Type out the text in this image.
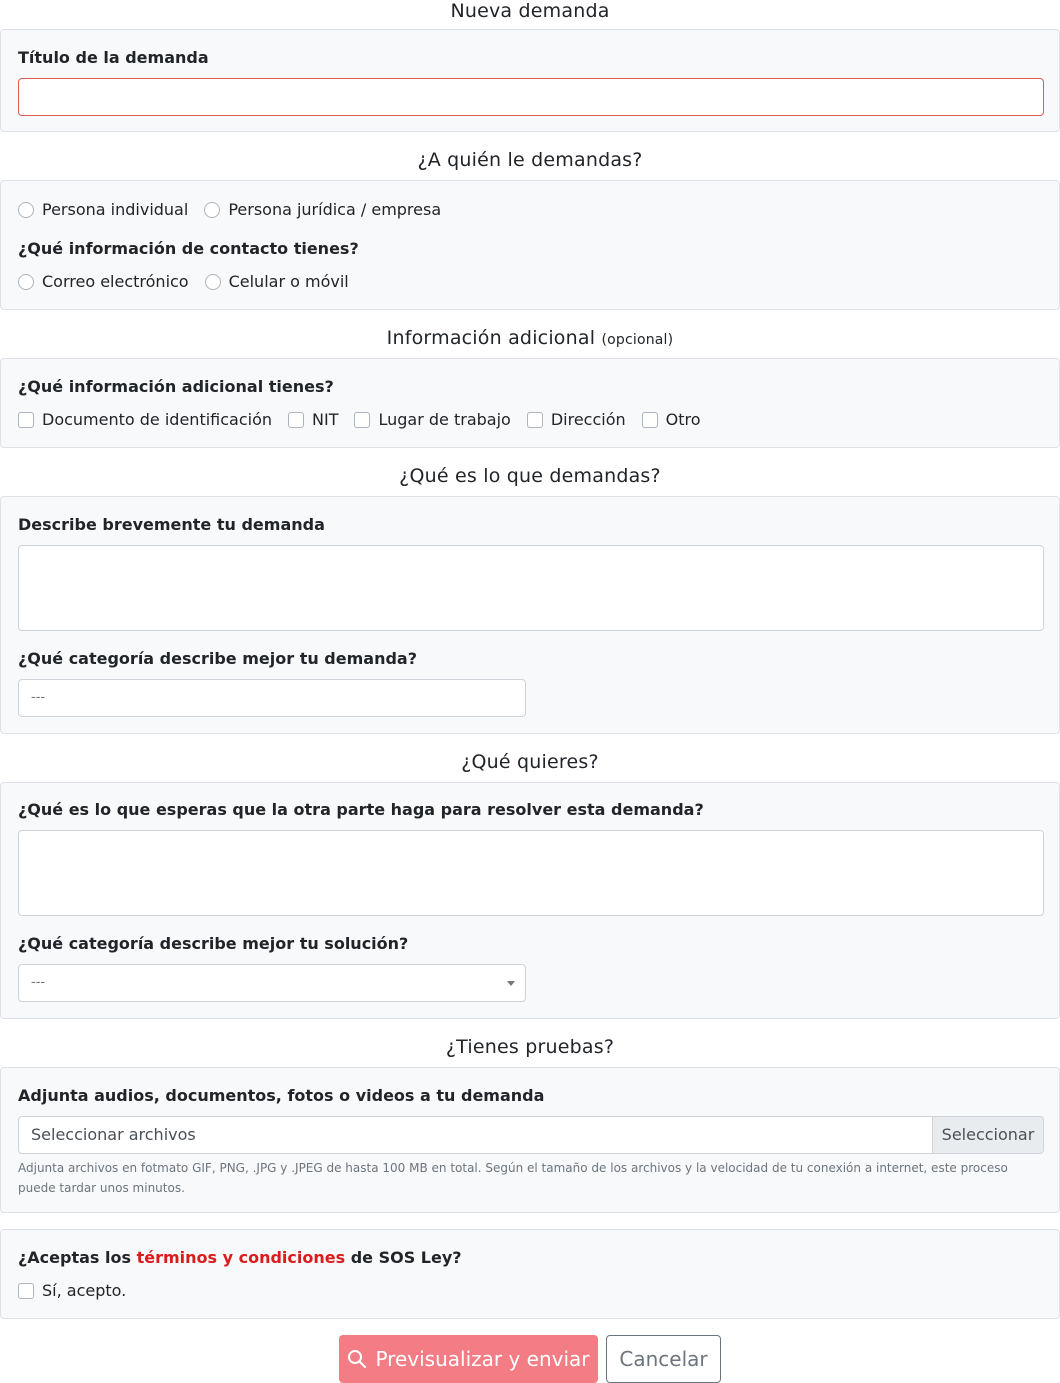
Nueva demanda
Título de la demanda
¿A quién le demandas?
Persona individual	Persona jurídica / empresa
¿Qué información de contacto tienes?
Correo electrónico	Celular o móvil
Información adicional (opcional)
¿Qué información adicional tienes?
Documento de identificación	NIT	Lugar de trabajo	Dirección	Otro
¿Qué es lo que demandas?
Describe brevemente tu demanda
¿Qué categoría describe mejor tu demanda?
---
¿Qué quieres?
¿Qué es lo que esperas que la otra parte haga para resolver esta demanda?
¿Qué categoría describe mejor tu solución?
---
¿Tienes pruebas?
Adjunta audios, documentos, fotos o videos a tu demanda
Seleccionar archivos	Seleccionar
Adjunta archivos en fotmato GIF, PNG, .JPG y .JPEG de hasta 100 MB en total. Según el tamaño de los archivos y la velocidad de tu conexión a internet, este proceso puede tardar unos minutos.
¿Aceptas los términos y condiciones de SOS Ley?
Sí, acepto.
Previsualizar y enviar	Cancelar
